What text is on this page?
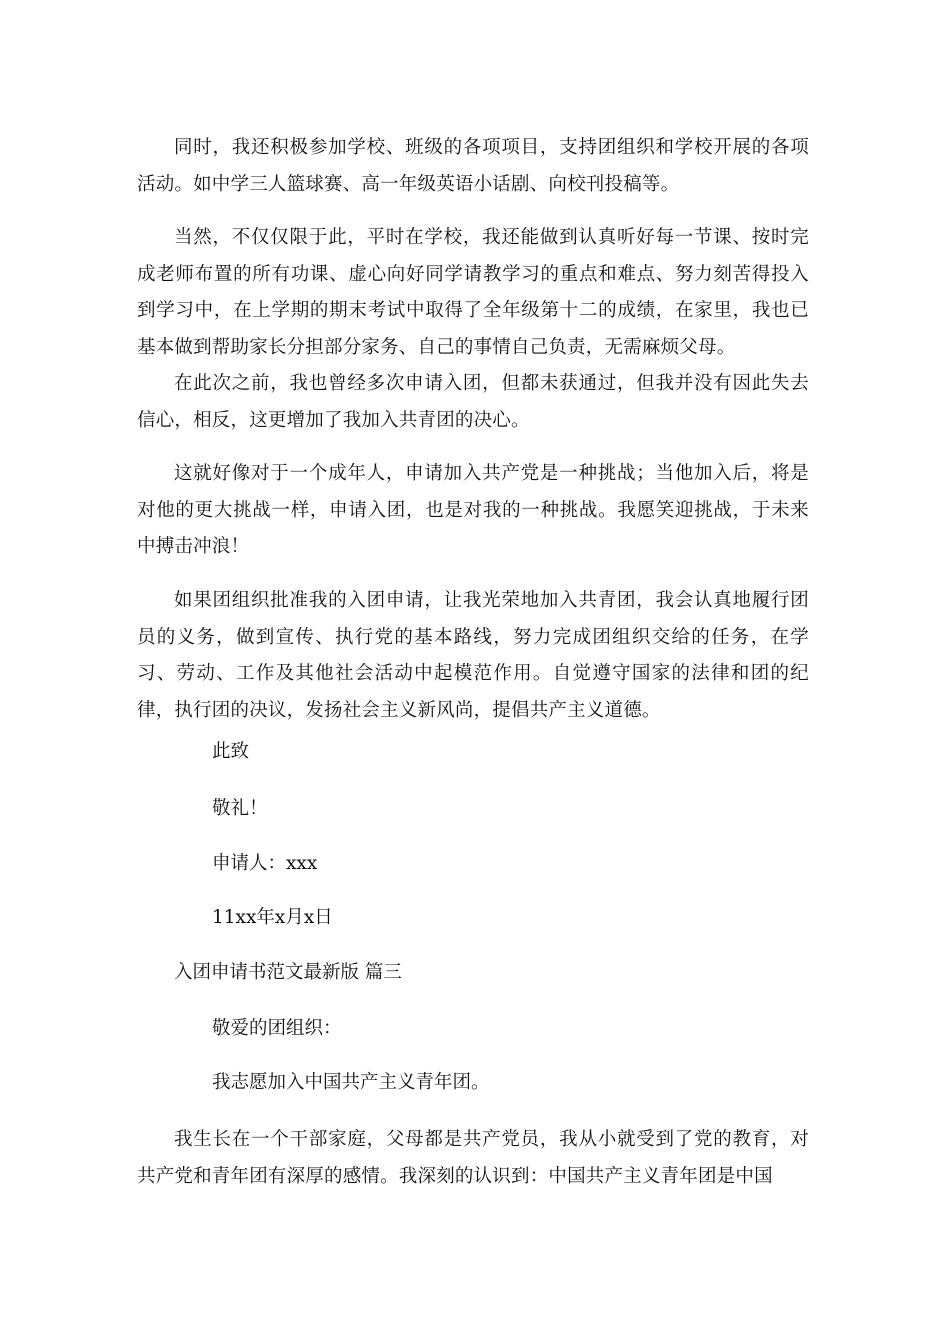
同时，我还积极参加学校、班级的各项项目，支持团组织和学校开展的各项活动。如中学三人篮球赛、高一年级英语小话剧、向校刊投稿等。

当然，不仅仅限于此，平时在学校，我还能做到认真听好每一节课、按时完成老师布置的所有功课、虚心向好同学请教学习的重点和难点、努力刻苦得投入到学习中，在上学期的期末考试中取得了全年级第十二的成绩，在家里，我也已基本做到帮助家长分担部分家务、自己的事情自己负责，无需麻烦父母。

在此次之前，我也曾经多次申请入团，但都未获通过，但我并没有因此失去信心，相反，这更增加了我加入共青团的决心。

这就好像对于一个成年人，申请加入共产党是一种挑战；当他加入后，将是对他的更大挑战一样，申请入团，也是对我的一种挑战。我愿笑迎挑战，于未来中搏击冲浪！

如果团组织批准我的入团申请，让我光荣地加入共青团，我会认真地履行团员的义务，做到宣传、执行党的基本路线，努力完成团组织交给的任务，在学习、劳动、工作及其他社会活动中起模范作用。自觉遵守国家的法律和团的纪律，执行团的决议，发扬社会主义新风尚，提倡共产主义道德。

此致

敬礼！

申请人：xxx

11xx年x月x日

入团申请书范文最新版 篇三

敬爱的团组织：

我志愿加入中国共产主义青年团。

我生长在一个干部家庭，父母都是共产党员，我从小就受到了党的教育，对共产党和青年团有深厚的感情。我深刻的认识到：中国共产主义青年团是中国
